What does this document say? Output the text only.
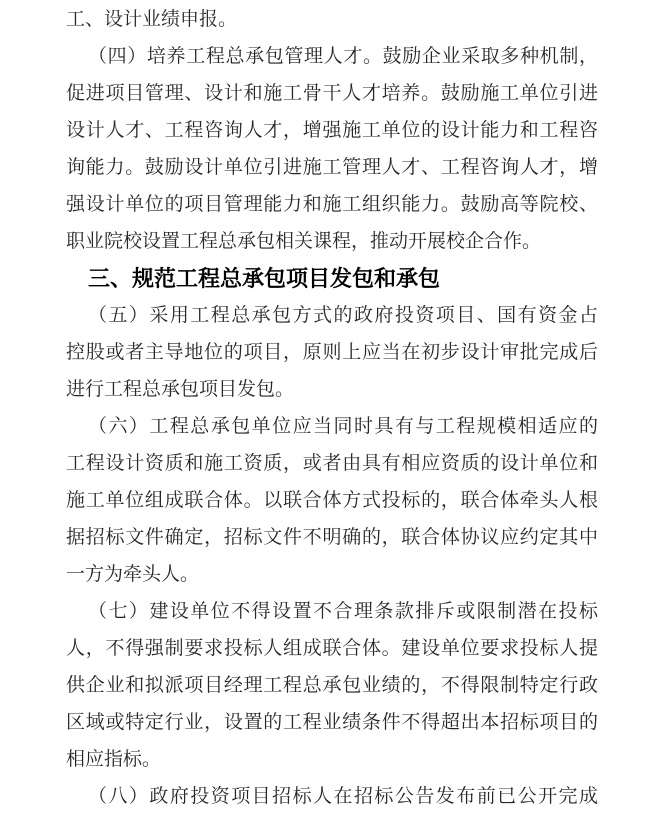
工、设计业绩申报。
（四）培养工程总承包管理人才。鼓励企业采取多种机制，
促进项目管理、设计和施工骨干人才培养。鼓励施工单位引进
设计人才、工程咨询人才，增强施工单位的设计能力和工程咨
询能力。鼓励设计单位引进施工管理人才、工程咨询人才，增
强设计单位的项目管理能力和施工组织能力。鼓励高等院校、
职业院校设置工程总承包相关课程，推动开展校企合作。
三、规范工程总承包项目发包和承包
（五）采用工程总承包方式的政府投资项目、国有资金占
控股或者主导地位的项目，原则上应当在初步设计审批完成后
进行工程总承包项目发包。
（六）工程总承包单位应当同时具有与工程规模相适应的
工程设计资质和施工资质，或者由具有相应资质的设计单位和
施工单位组成联合体。以联合体方式投标的，联合体牵头人根
据招标文件确定，招标文件不明确的，联合体协议应约定其中
一方为牵头人。
（七）建设单位不得设置不合理条款排斥或限制潜在投标
人，不得强制要求投标人组成联合体。建设单位要求投标人提
供企业和拟派项目经理工程总承包业绩的，不得限制特定行政
区域或特定行业，设置的工程业绩条件不得超出本招标项目的
相应指标。
（八）政府投资项目招标人在招标公告发布前已公开完成
